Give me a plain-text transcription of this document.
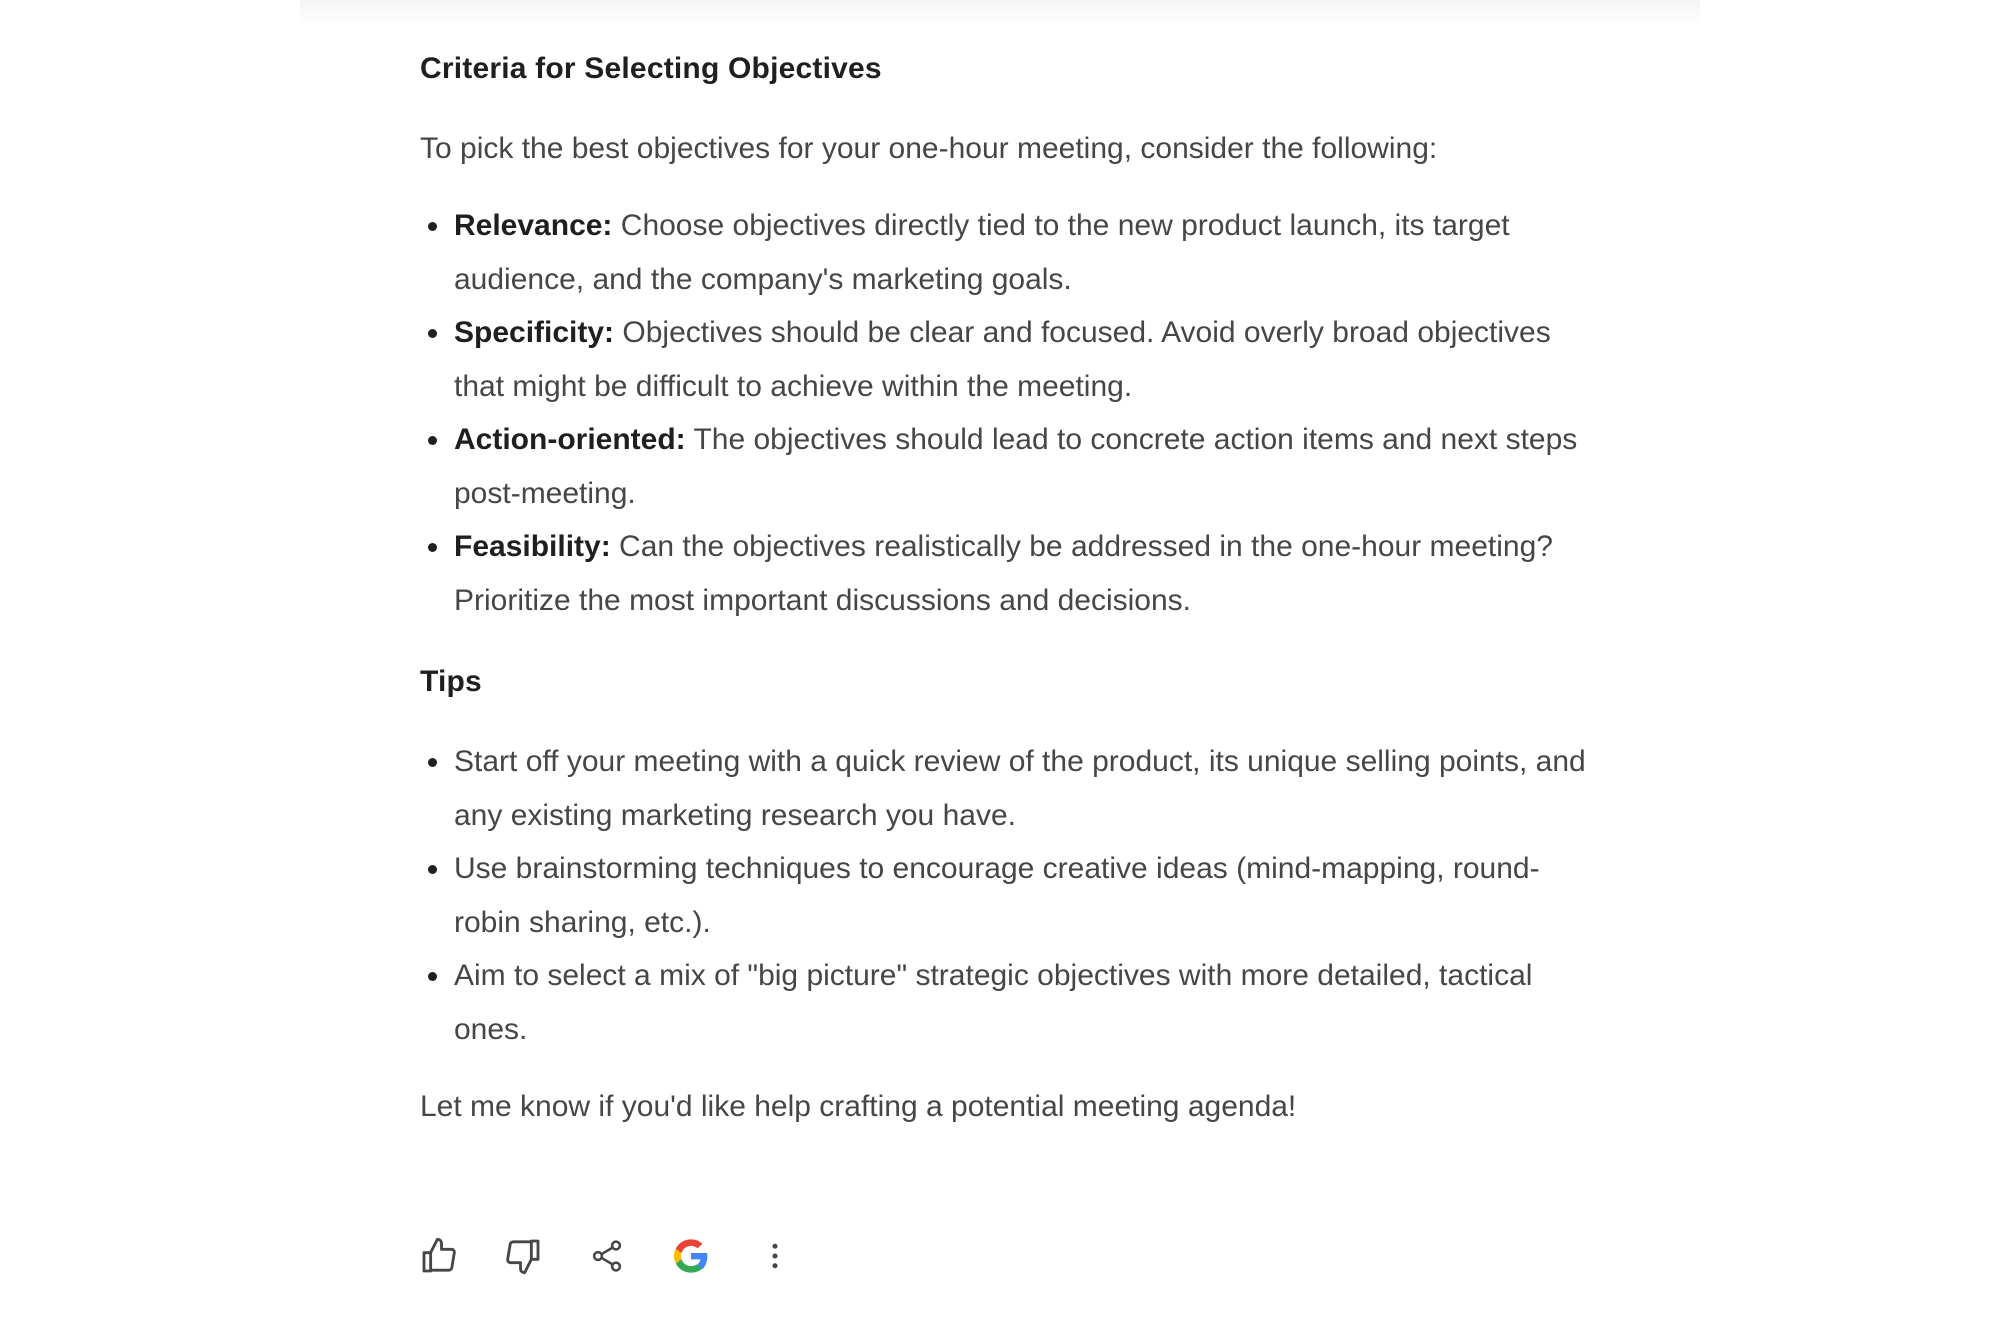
Criteria for Selecting Objectives

To pick the best objectives for your one-hour meeting, consider the following:

Relevance: Choose objectives directly tied to the new product launch, its target audience, and the company's marketing goals.
Specificity: Objectives should be clear and focused. Avoid overly broad objectives that might be difficult to achieve within the meeting.
Action-oriented: The objectives should lead to concrete action items and next steps post-meeting.
Feasibility: Can the objectives realistically be addressed in the one-hour meeting? Prioritize the most important discussions and decisions.
Tips
Start off your meeting with a quick review of the product, its unique selling points, and any existing marketing research you have.
Use brainstorming techniques to encourage creative ideas (mind-mapping, round-robin sharing, etc.).
Aim to select a mix of "big picture" strategic objectives with more detailed, tactical ones.

Let me know if you'd like help crafting a potential meeting agenda!
